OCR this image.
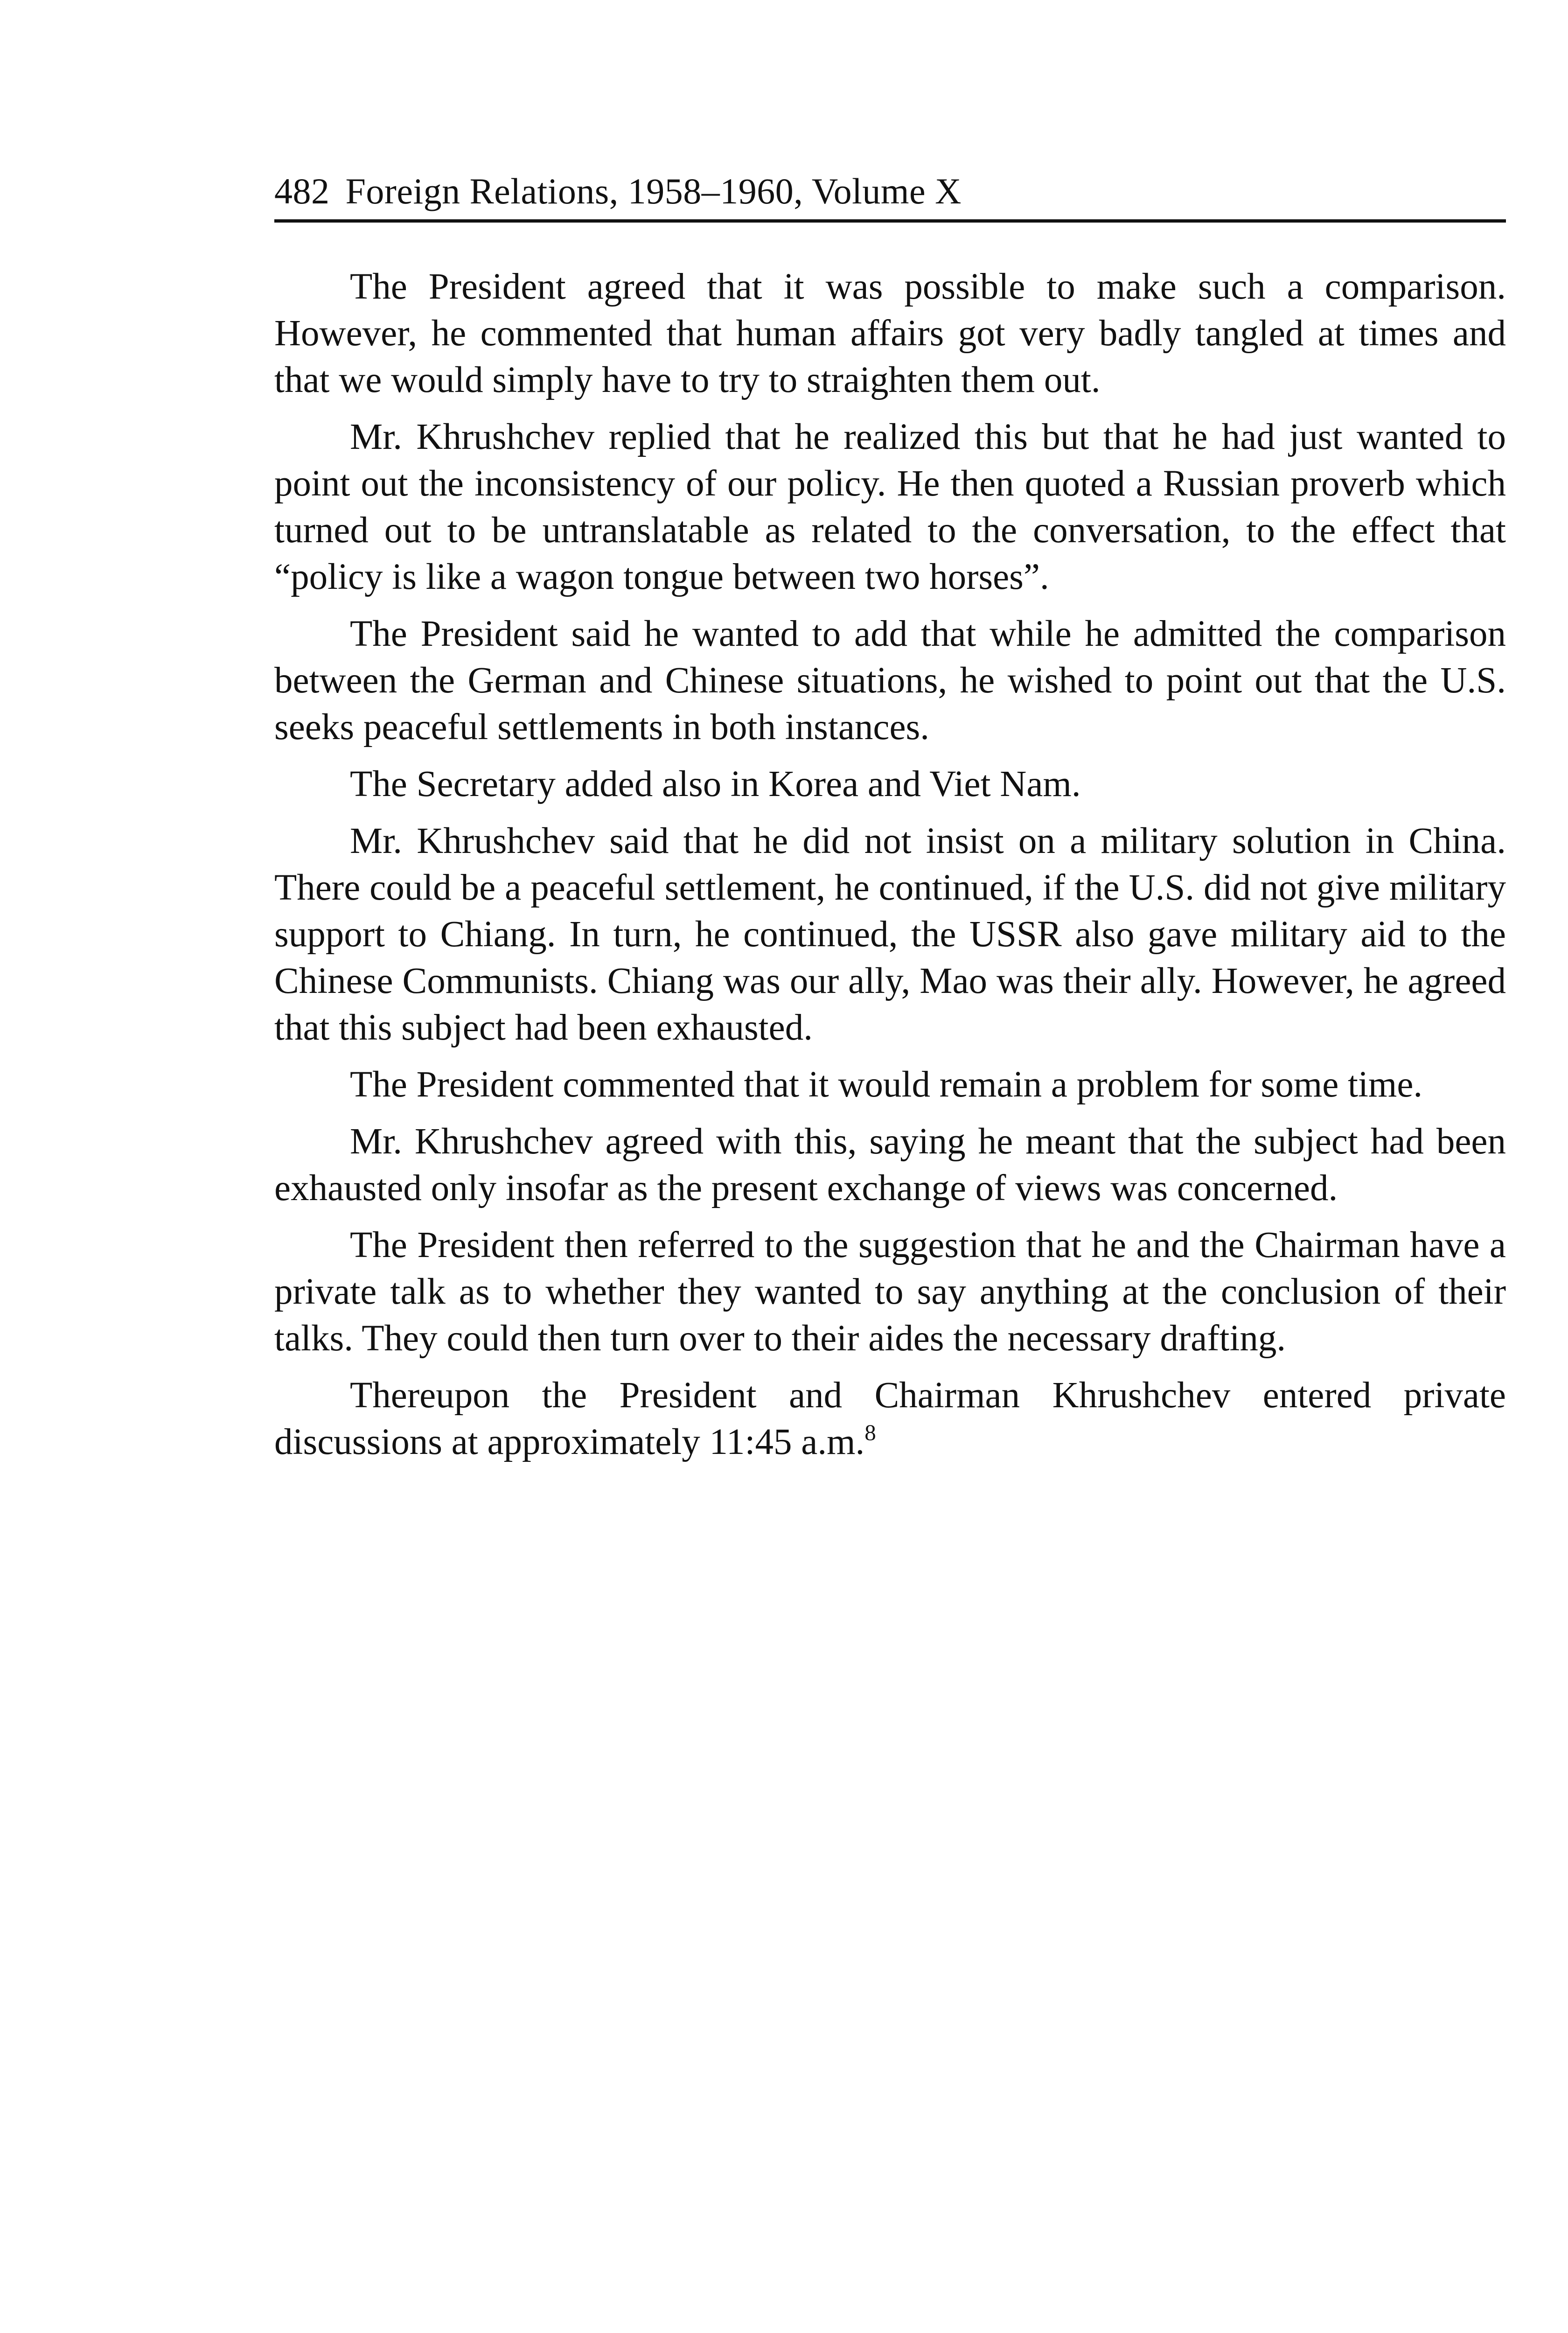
482 Foreign Relations, 1958–1960, Volume X

The President agreed that it was possible to make such a comparison. However, he commented that human affairs got very badly tangled at times and that we would simply have to try to straighten them out.

Mr. Khrushchev replied that he realized this but that he had just wanted to point out the inconsistency of our policy. He then quoted a Russian proverb which turned out to be untranslatable as related to the conversation, to the effect that “policy is like a wagon tongue between two horses”.

The President said he wanted to add that while he admitted the comparison between the German and Chinese situations, he wished to point out that the U.S. seeks peaceful settlements in both instances.

The Secretary added also in Korea and Viet Nam.

Mr. Khrushchev said that he did not insist on a military solution in China. There could be a peaceful settlement, he continued, if the U.S. did not give military support to Chiang. In turn, he continued, the USSR also gave military aid to the Chinese Communists. Chiang was our ally, Mao was their ally. However, he agreed that this subject had been exhausted.

The President commented that it would remain a problem for some time.

Mr. Khrushchev agreed with this, saying he meant that the subject had been exhausted only insofar as the present exchange of views was concerned.

The President then referred to the suggestion that he and the Chairman have a private talk as to whether they wanted to say anything at the conclusion of their talks. They could then turn over to their aides the necessary drafting.

Thereupon the President and Chairman Khrushchev entered private discussions at approximately 11:45 a.m.$^8$
